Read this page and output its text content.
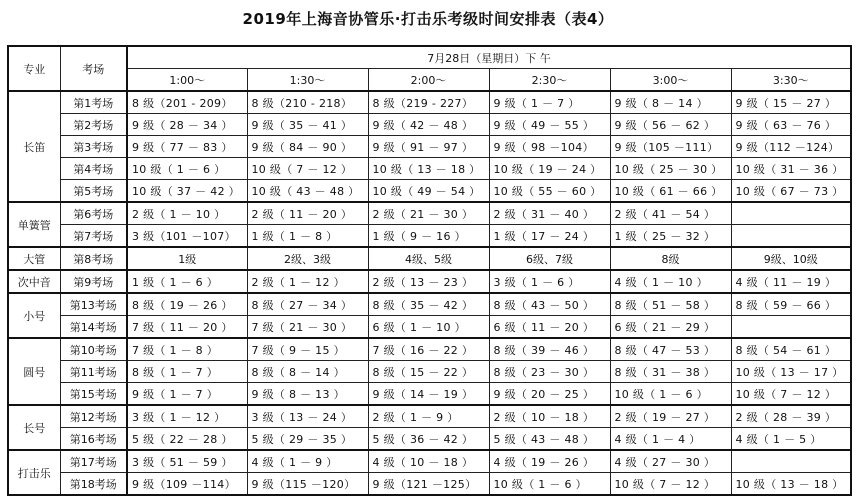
2019年上海音协管乐·打击乐考级时间安排表（表4）
专业	考场	7月28日（星期日）下 午					
		1:00～	1:30～	2:00～	2:30～	3:00～	3:30～
长笛	第1考场	8 级（201 - 209）	8 级（210 - 218）	8 级（219 - 227）	9 级（ 1 － 7 ）	9 级（ 8 － 14 ）	9 级（ 15 － 27 ）
	第2考场	9 级（ 28 － 34 ）	9 级（ 35 － 41 ）	9 级（ 42 － 48 ）	9 级（ 49 － 55 ）	9 级（ 56 － 62 ）	9 级（ 63 － 76 ）
	第3考场	9 级（ 77 － 83 ）	9 级（ 84 － 90 ）	9 级（ 91 － 97 ）	9 级（ 98 －104）	9 级（105 －111）	9 级（112 －124）
	第4考场	10 级（ 1 － 6 ）	10 级（ 7 － 12 ）	10 级（ 13 － 18 ）	10 级（ 19 － 24 ）	10 级（ 25 － 30 ）	10 级（ 31 － 36 ）
	第5考场	10 级（ 37 － 42 ）	10 级（ 43 － 48 ）	10 级（ 49 － 54 ）	10 级（ 55 － 60 ）	10 级（ 61 － 66 ）	10 级（ 67 － 73 ）
单簧管	第6考场	2 级（ 1 － 10 ）	2 级（ 11 － 20 ）	2 级（ 21 － 30 ）	2 级（ 31 － 40 ）	2 级（ 41 － 54 ）	
	第7考场	3 级（101 －107）	1 级（ 1 － 8 ）	1 级（ 9 － 16 ）	1 级（ 17 － 24 ）	1 级（ 25 － 32 ）	
大管	第8考场	1级	2级、3级	4级、5级	6级、7级	8级	9级、10级
次中音	第9考场	1 级（ 1 － 6 ）	2 级（ 1 － 12 ）	2 级（ 13 － 23 ）	3 级（ 1 － 6 ）	4 级（ 1 － 10 ）	4 级（ 11 － 19 ）
小号	第13考场	8 级（ 19 － 26 ）	8 级（ 27 － 34 ）	8 级（ 35 － 42 ）	8 级（ 43 － 50 ）	8 级（ 51 － 58 ）	8 级（ 59 － 66 ）
	第14考场	7 级（ 11 － 20 ）	7 级（ 21 － 30 ）	6 级（ 1 － 10 ）	6 级（ 11 － 20 ）	6 级（ 21 － 29 ）	
圆号	第10考场	7 级（ 1 － 8 ）	7 级（ 9 － 15 ）	7 级（ 16 － 22 ）	8 级（ 39 － 46 ）	8 级（ 47 － 53 ）	8 级（ 54 － 61 ）
	第11考场	8 级（ 1 － 7 ）	8 级（ 8 － 14 ）	8 级（ 15 － 22 ）	8 级（ 23 － 30 ）	8 级（ 31 － 38 ）	10 级（ 13 － 17 ）
	第15考场	9 级（ 1 － 7 ）	9 级（ 8 － 13 ）	9 级（ 14 － 19 ）	9 级（ 20 － 25 ）	10 级（ 1 － 6 ）	10 级（ 7 － 12 ）
长号	第12考场	3 级（ 1 － 12 ）	3 级（ 13 － 24 ）	2 级（ 1 － 9 ）	2 级（ 10 － 18 ）	2 级（ 19 － 27 ）	2 级（ 28 － 39 ）
	第16考场	5 级（ 22 － 28 ）	5 级（ 29 － 35 ）	5 级（ 36 － 42 ）	5 级（ 43 － 48 ）	4 级（ 1 － 4 ）	4 级（ 1 － 5 ）
打击乐	第17考场	3 级（ 51 － 59 ）	4 级（ 1 － 9 ）	4 级（ 10 － 18 ）	4 级（ 19 － 26 ）	4 级（ 27 － 30 ）	
	第18考场	9 级（109 －114）	9 级（115 －120）	9 级（121 －125）	10 级（ 1 － 6 ）	10 级（ 7 － 12 ）	10 级（ 13 － 18 ）
